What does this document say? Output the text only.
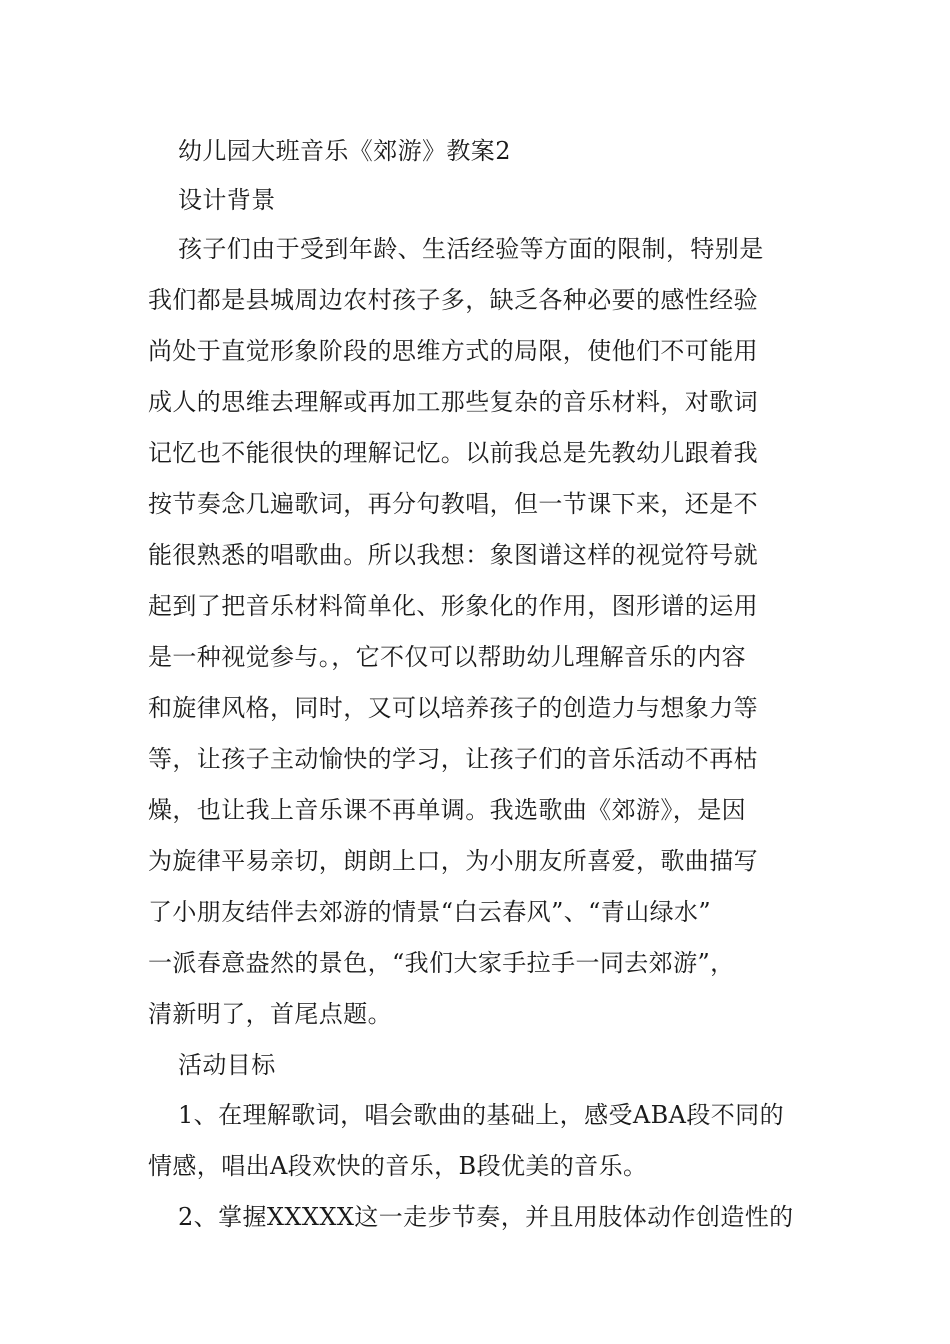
幼儿园大班音乐《郊游》教案2
设计背景
孩子们由于受到年龄、生活经验等方面的限制，特别是
我们都是县城周边农村孩子多，缺乏各种必要的感性经验
尚处于直觉形象阶段的思维方式的局限，使他们不可能用
成人的思维去理解或再加工那些复杂的音乐材料，对歌词
记忆也不能很快的理解记忆。以前我总是先教幼儿跟着我
按节奏念几遍歌词，再分句教唱，但一节课下来，还是不
能很熟悉的唱歌曲。所以我想：象图谱这样的视觉符号就
起到了把音乐材料简单化、形象化的作用，图形谱的运用
是一种视觉参与。，它不仅可以帮助幼儿理解音乐的内容
和旋律风格，同时，又可以培养孩子的创造力与想象力等
等，让孩子主动愉快的学习，让孩子们的音乐活动不再枯
燥，也让我上音乐课不再单调。我选歌曲《郊游》，是因
为旋律平易亲切，朗朗上口，为小朋友所喜爱，歌曲描写
了小朋友结伴去郊游的情景“白云春风”、“青山绿水”
一派春意盎然的景色，“我们大家手拉手一同去郊游”，
清新明了，首尾点题。
活动目标
1、在理解歌词，唱会歌曲的基础上，感受ABA段不同的
情感，唱出A段欢快的音乐，B段优美的音乐。
2、掌握XXXXX这一走步节奏，并且用肢体动作创造性的
